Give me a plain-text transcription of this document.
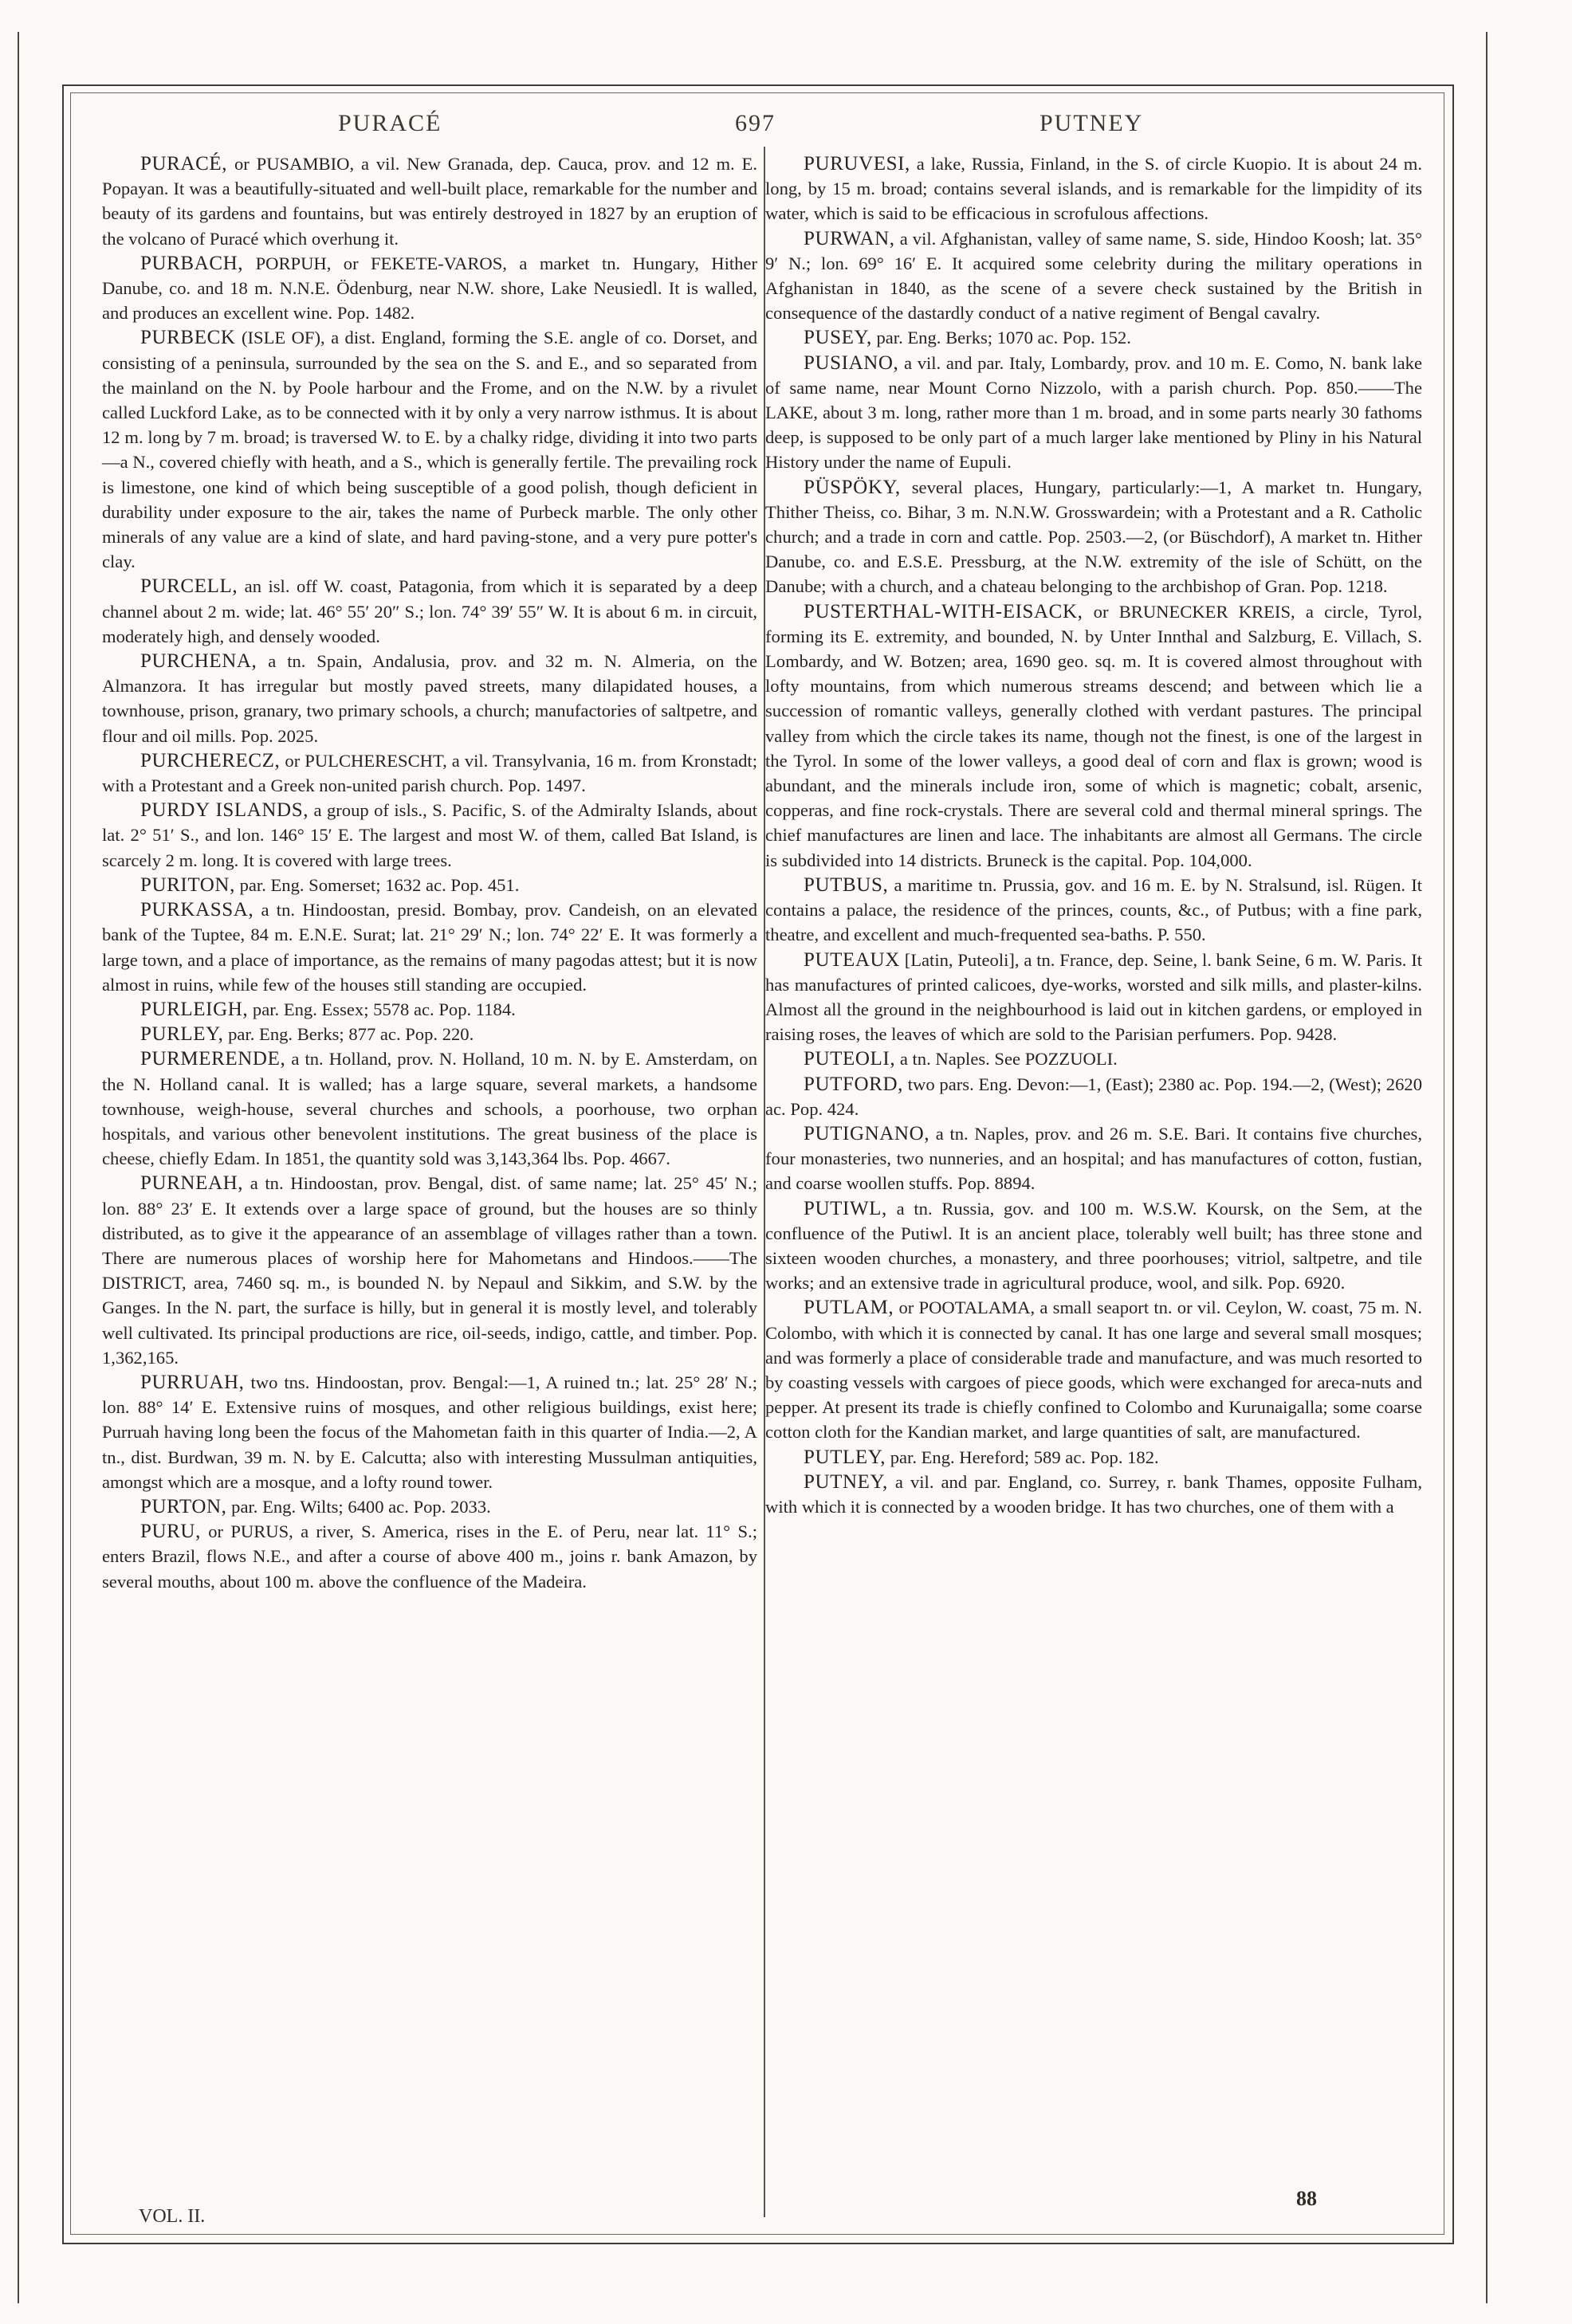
PURACÉ	697	PUTNEY

PURACÉ, or PUSAMBIO, a vil. New Granada, dep. Cauca, prov. and 12 m. E. Popayan. It was a beautifully-situated and well-built place, remarkable for the number and beauty of its gardens and fountains, but was entirely destroyed in 1827 by an eruption of the volcano of Puracé which overhung it.

PURBACH, PORPUH, or FEKETE-VAROS, a market tn. Hungary, Hither Danube, co. and 18 m. N.N.E. Ödenburg, near N.W. shore, Lake Neusiedl. It is walled, and produces an excellent wine. Pop. 1482.

PURBECK (ISLE OF), a dist. England, forming the S.E. angle of co. Dorset, and consisting of a peninsula, surrounded by the sea on the S. and E., and so separated from the mainland on the N. by Poole harbour and the Frome, and on the N.W. by a rivulet called Luckford Lake, as to be connected with it by only a very narrow isthmus. It is about 12 m. long by 7 m. broad; is traversed W. to E. by a chalky ridge, dividing it into two parts—a N., covered chiefly with heath, and a S., which is generally fertile. The prevailing rock is limestone, one kind of which being susceptible of a good polish, though deficient in durability under exposure to the air, takes the name of Purbeck marble. The only other minerals of any value are a kind of slate, and hard paving-stone, and a very pure potter's clay.

PURCELL, an isl. off W. coast, Patagonia, from which it is separated by a deep channel about 2 m. wide; lat. 46° 55′ 20″ S.; lon. 74° 39′ 55″ W. It is about 6 m. in circuit, moderately high, and densely wooded.

PURCHENA, a tn. Spain, Andalusia, prov. and 32 m. N. Almeria, on the Almanzora. It has irregular but mostly paved streets, many dilapidated houses, a townhouse, prison, granary, two primary schools, a church; manufactories of saltpetre, and flour and oil mills. Pop. 2025.

PURCHERECZ, or PULCHERESCHT, a vil. Transylvania, 16 m. from Kronstadt; with a Protestant and a Greek non-united parish church. Pop. 1497.

PURDY ISLANDS, a group of isls., S. Pacific, S. of the Admiralty Islands, about lat. 2° 51′ S., and lon. 146° 15′ E. The largest and most W. of them, called Bat Island, is scarcely 2 m. long. It is covered with large trees.

PURITON, par. Eng. Somerset; 1632 ac. Pop. 451.

PURKASSA, a tn. Hindoostan, presid. Bombay, prov. Candeish, on an elevated bank of the Tuptee, 84 m. E.N.E. Surat; lat. 21° 29′ N.; lon. 74° 22′ E. It was formerly a large town, and a place of importance, as the remains of many pagodas attest; but it is now almost in ruins, while few of the houses still standing are occupied.

PURLEIGH, par. Eng. Essex; 5578 ac. Pop. 1184.

PURLEY, par. Eng. Berks; 877 ac. Pop. 220.

PURMERENDE, a tn. Holland, prov. N. Holland, 10 m. N. by E. Amsterdam, on the N. Holland canal. It is walled; has a large square, several markets, a handsome townhouse, weigh-house, several churches and schools, a poorhouse, two orphan hospitals, and various other benevolent institutions. The great business of the place is cheese, chiefly Edam. In 1851, the quantity sold was 3,143,364 lbs. Pop. 4667.

PURNEAH, a tn. Hindoostan, prov. Bengal, dist. of same name; lat. 25° 45′ N.; lon. 88° 23′ E. It extends over a large space of ground, but the houses are so thinly distributed, as to give it the appearance of an assemblage of villages rather than a town. There are numerous places of worship here for Mahometans and Hindoos.——The DISTRICT, area, 7460 sq. m., is bounded N. by Nepaul and Sikkim, and S.W. by the Ganges. In the N. part, the surface is hilly, but in general it is mostly level, and tolerably well cultivated. Its principal productions are rice, oil-seeds, indigo, cattle, and timber. Pop. 1,362,165.

PURRUAH, two tns. Hindoostan, prov. Bengal:—1, A ruined tn.; lat. 25° 28′ N.; lon. 88° 14′ E. Extensive ruins of mosques, and other religious buildings, exist here; Purruah having long been the focus of the Mahometan faith in this quarter of India.—2, A tn., dist. Burdwan, 39 m. N. by E. Calcutta; also with interesting Mussulman antiquities, amongst which are a mosque, and a lofty round tower.

PURTON, par. Eng. Wilts; 6400 ac. Pop. 2033.

PURU, or PURUS, a river, S. America, rises in the E. of Peru, near lat. 11° S.; enters Brazil, flows N.E., and after a course of above 400 m., joins r. bank Amazon, by several mouths, about 100 m. above the confluence of the Madeira.

PURUVESI, a lake, Russia, Finland, in the S. of circle Kuopio. It is about 24 m. long, by 15 m. broad; contains several islands, and is remarkable for the limpidity of its water, which is said to be efficacious in scrofulous affections.

PURWAN, a vil. Afghanistan, valley of same name, S. side, Hindoo Koosh; lat. 35° 9′ N.; lon. 69° 16′ E. It acquired some celebrity during the military operations in Afghanistan in 1840, as the scene of a severe check sustained by the British in consequence of the dastardly conduct of a native regiment of Bengal cavalry.

PUSEY, par. Eng. Berks; 1070 ac. Pop. 152.

PUSIANO, a vil. and par. Italy, Lombardy, prov. and 10 m. E. Como, N. bank lake of same name, near Mount Corno Nizzolo, with a parish church. Pop. 850.——The LAKE, about 3 m. long, rather more than 1 m. broad, and in some parts nearly 30 fathoms deep, is supposed to be only part of a much larger lake mentioned by Pliny in his Natural History under the name of Eupuli.

PÜSPÖKY, several places, Hungary, particularly:—1, A market tn. Hungary, Thither Theiss, co. Bihar, 3 m. N.N.W. Grosswardein; with a Protestant and a R. Catholic church; and a trade in corn and cattle. Pop. 2503.—2, (or Büschdorf), A market tn. Hither Danube, co. and E.S.E. Pressburg, at the N.W. extremity of the isle of Schütt, on the Danube; with a church, and a chateau belonging to the archbishop of Gran. Pop. 1218.

PUSTERTHAL-WITH-EISACK, or BRUNECKER KREIS, a circle, Tyrol, forming its E. extremity, and bounded, N. by Unter Innthal and Salzburg, E. Villach, S. Lombardy, and W. Botzen; area, 1690 geo. sq. m. It is covered almost throughout with lofty mountains, from which numerous streams descend; and between which lie a succession of romantic valleys, generally clothed with verdant pastures. The principal valley from which the circle takes its name, though not the finest, is one of the largest in the Tyrol. In some of the lower valleys, a good deal of corn and flax is grown; wood is abundant, and the minerals include iron, some of which is magnetic; cobalt, arsenic, copperas, and fine rock-crystals. There are several cold and thermal mineral springs. The chief manufactures are linen and lace. The inhabitants are almost all Germans. The circle is subdivided into 14 districts. Bruneck is the capital. Pop. 104,000.

PUTBUS, a maritime tn. Prussia, gov. and 16 m. E. by N. Stralsund, isl. Rügen. It contains a palace, the residence of the princes, counts, &c., of Putbus; with a fine park, theatre, and excellent and much-frequented sea-baths. P. 550.

PUTEAUX [Latin, Puteoli], a tn. France, dep. Seine, l. bank Seine, 6 m. W. Paris. It has manufactures of printed calicoes, dye-works, worsted and silk mills, and plaster-kilns. Almost all the ground in the neighbourhood is laid out in kitchen gardens, or employed in raising roses, the leaves of which are sold to the Parisian perfumers. Pop. 9428.

PUTEOLI, a tn. Naples. See POZZUOLI.

PUTFORD, two pars. Eng. Devon:—1, (East); 2380 ac. Pop. 194.—2, (West); 2620 ac. Pop. 424.

PUTIGNANO, a tn. Naples, prov. and 26 m. S.E. Bari. It contains five churches, four monasteries, two nunneries, and an hospital; and has manufactures of cotton, fustian, and coarse woollen stuffs. Pop. 8894.

PUTIWL, a tn. Russia, gov. and 100 m. W.S.W. Koursk, on the Sem, at the confluence of the Putiwl. It is an ancient place, tolerably well built; has three stone and sixteen wooden churches, a monastery, and three poorhouses; vitriol, saltpetre, and tile works; and an extensive trade in agricultural produce, wool, and silk. Pop. 6920.

PUTLAM, or POOTALAMA, a small seaport tn. or vil. Ceylon, W. coast, 75 m. N. Colombo, with which it is connected by canal. It has one large and several small mosques; and was formerly a place of considerable trade and manufacture, and was much resorted to by coasting vessels with cargoes of piece goods, which were exchanged for areca-nuts and pepper. At present its trade is chiefly confined to Colombo and Kurunaigalla; some coarse cotton cloth for the Kandian market, and large quantities of salt, are manufactured.

PUTLEY, par. Eng. Hereford; 589 ac. Pop. 182.

PUTNEY, a vil. and par. England, co. Surrey, r. bank Thames, opposite Fulham, with which it is connected by a wooden bridge. It has two churches, one of them with a

VOL. II.
88
